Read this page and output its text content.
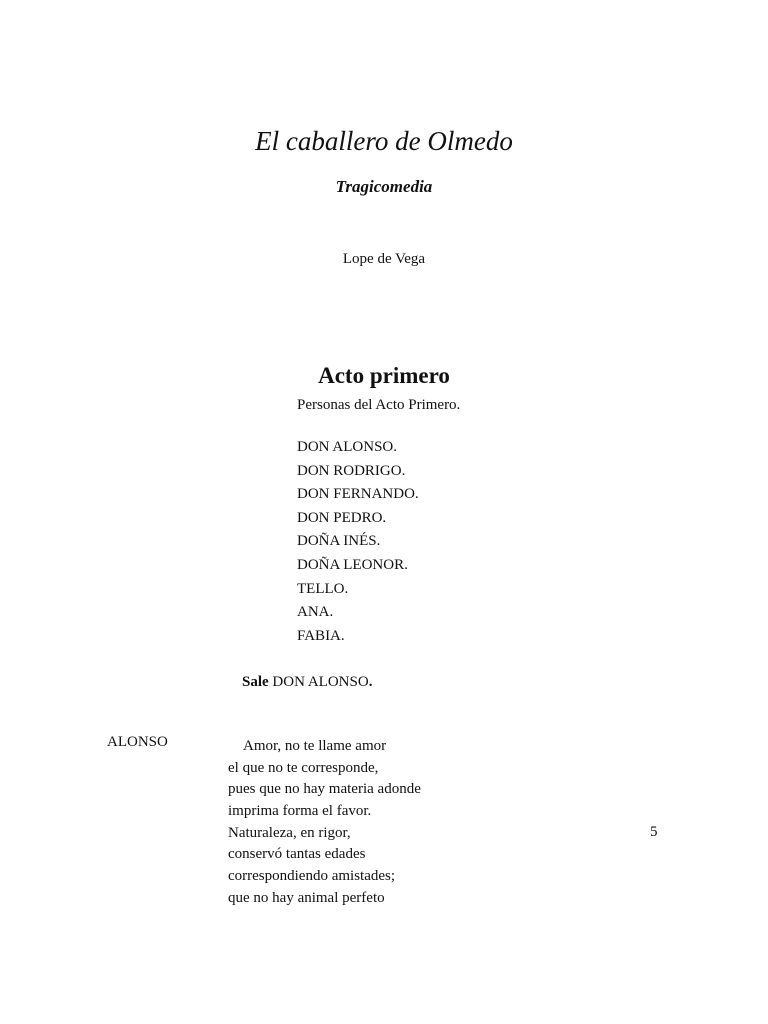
El caballero de Olmedo
Tragicomedia
Lope de Vega
Acto primero
Personas del Acto Primero.
DON ALONSO.
DON RODRIGO.
DON FERNANDO.
DON PEDRO.
DOÑA INÉS.
DOÑA LEONOR.
TELLO.
ANA.
FABIA.
Sale DON ALONSO.
ALONSO	Amor, no te llame amor
el que no te corresponde,
pues que no hay materia adonde
imprima forma el favor.
Naturaleza, en rigor,
conservó tantas edades
correspondiendo amistades;
que no hay animal perfeto
5
